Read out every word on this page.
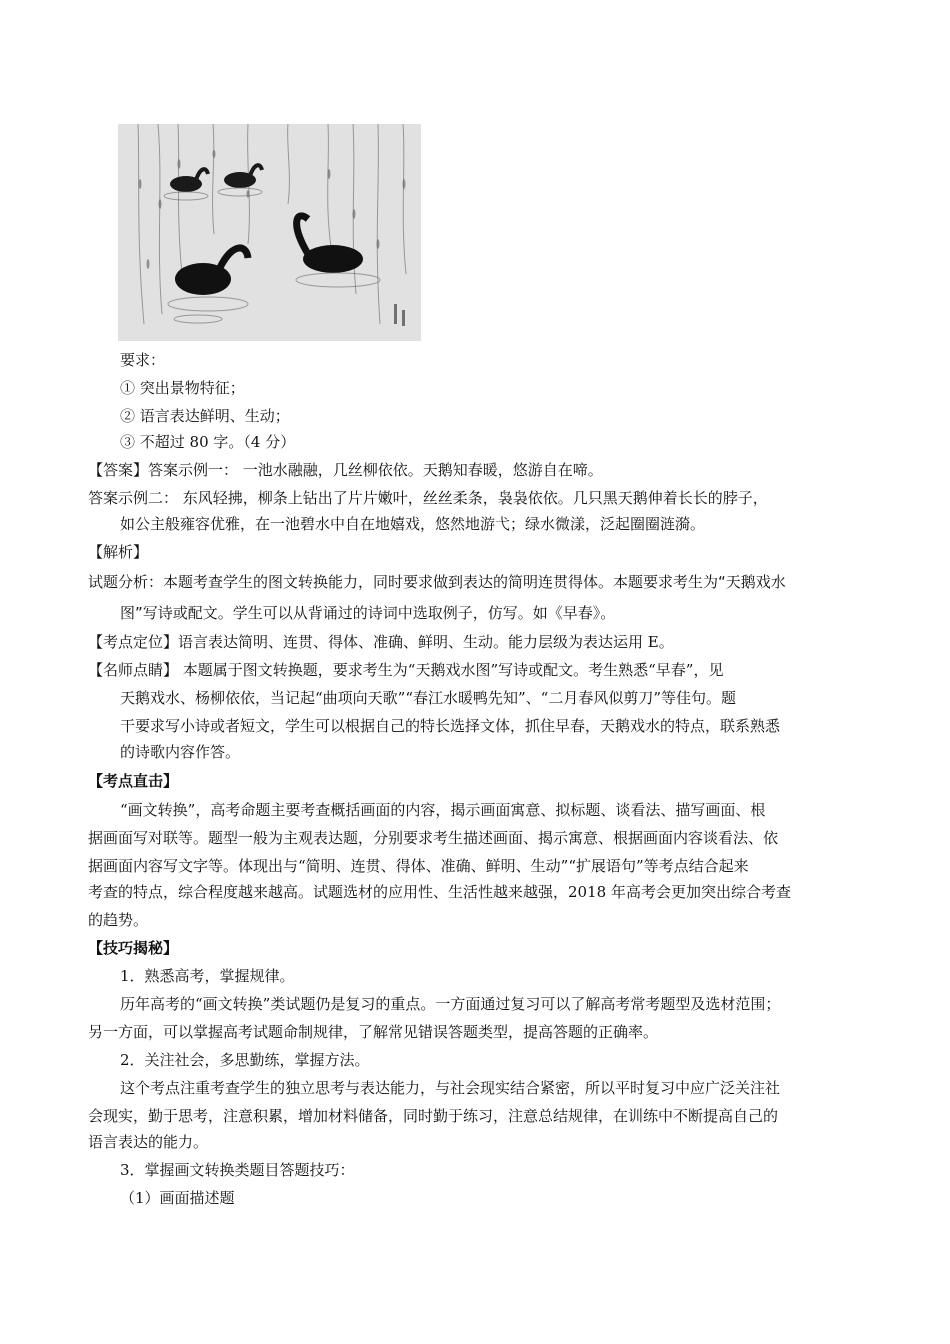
要求：
① 突出景物特征；
② 语言表达鲜明、生动；
③ 不超过 80 字。（4 分）
【答案】答案示例一： 一池水融融，几丝柳依依。天鹅知春暖，悠游自在啼。
答案示例二： 东风轻拂，柳条上钻出了片片嫩叶，丝丝柔条，袅袅依依。几只黑天鹅伸着长长的脖子，
如公主般雍容优雅，在一池碧水中自在地嬉戏，悠然地游弋；绿水微漾，泛起圈圈涟漪。
【解析】
试题分析：本题考查学生的图文转换能力，同时要求做到表达的简明连贯得体。本题要求考生为“天鹅戏水
图”写诗或配文。学生可以从背诵过的诗词中选取例子，仿写。如《早春》。
【考点定位】语言表达简明、连贯、得体、准确、鲜明、生动。能力层级为表达运用 E。
【名师点睛】 本题属于图文转换题，要求考生为“天鹅戏水图”写诗或配文。考生熟悉“早春”，见
天鹅戏水、杨柳依依，当记起“曲项向天歌”“春江水暖鸭先知”、“二月春风似剪刀”等佳句。题
干要求写小诗或者短文，学生可以根据自己的特长选择文体，抓住早春，天鹅戏水的特点，联系熟悉
的诗歌内容作答。
【考点直击】
“画文转换”，高考命题主要考查概括画面的内容，揭示画面寓意、拟标题、谈看法、描写画面、根
据画面写对联等。题型一般为主观表达题，分别要求考生描述画面、揭示寓意、根据画面内容谈看法、依
据画面内容写文字等。体现出与“简明、连贯、得体、准确、鲜明、生动”“扩展语句”等考点结合起来
考查的特点，综合程度越来越高。试题选材的应用性、生活性越来越强，2018 年高考会更加突出综合考查
的趋势。
【技巧揭秘】
1．熟悉高考，掌握规律。
历年高考的“画文转换”类试题仍是复习的重点。一方面通过复习可以了解高考常考题型及选材范围；
另一方面，可以掌握高考试题命制规律，了解常见错误答题类型，提高答题的正确率。
2．关注社会，多思勤练，掌握方法。
这个考点注重考查学生的独立思考与表达能力，与社会现实结合紧密，所以平时复习中应广泛关注社
会现实，勤于思考，注意积累，增加材料储备，同时勤于练习，注意总结规律，在训练中不断提高自己的
语言表达的能力。
3．掌握画文转换类题目答题技巧：
（1）画面描述题
